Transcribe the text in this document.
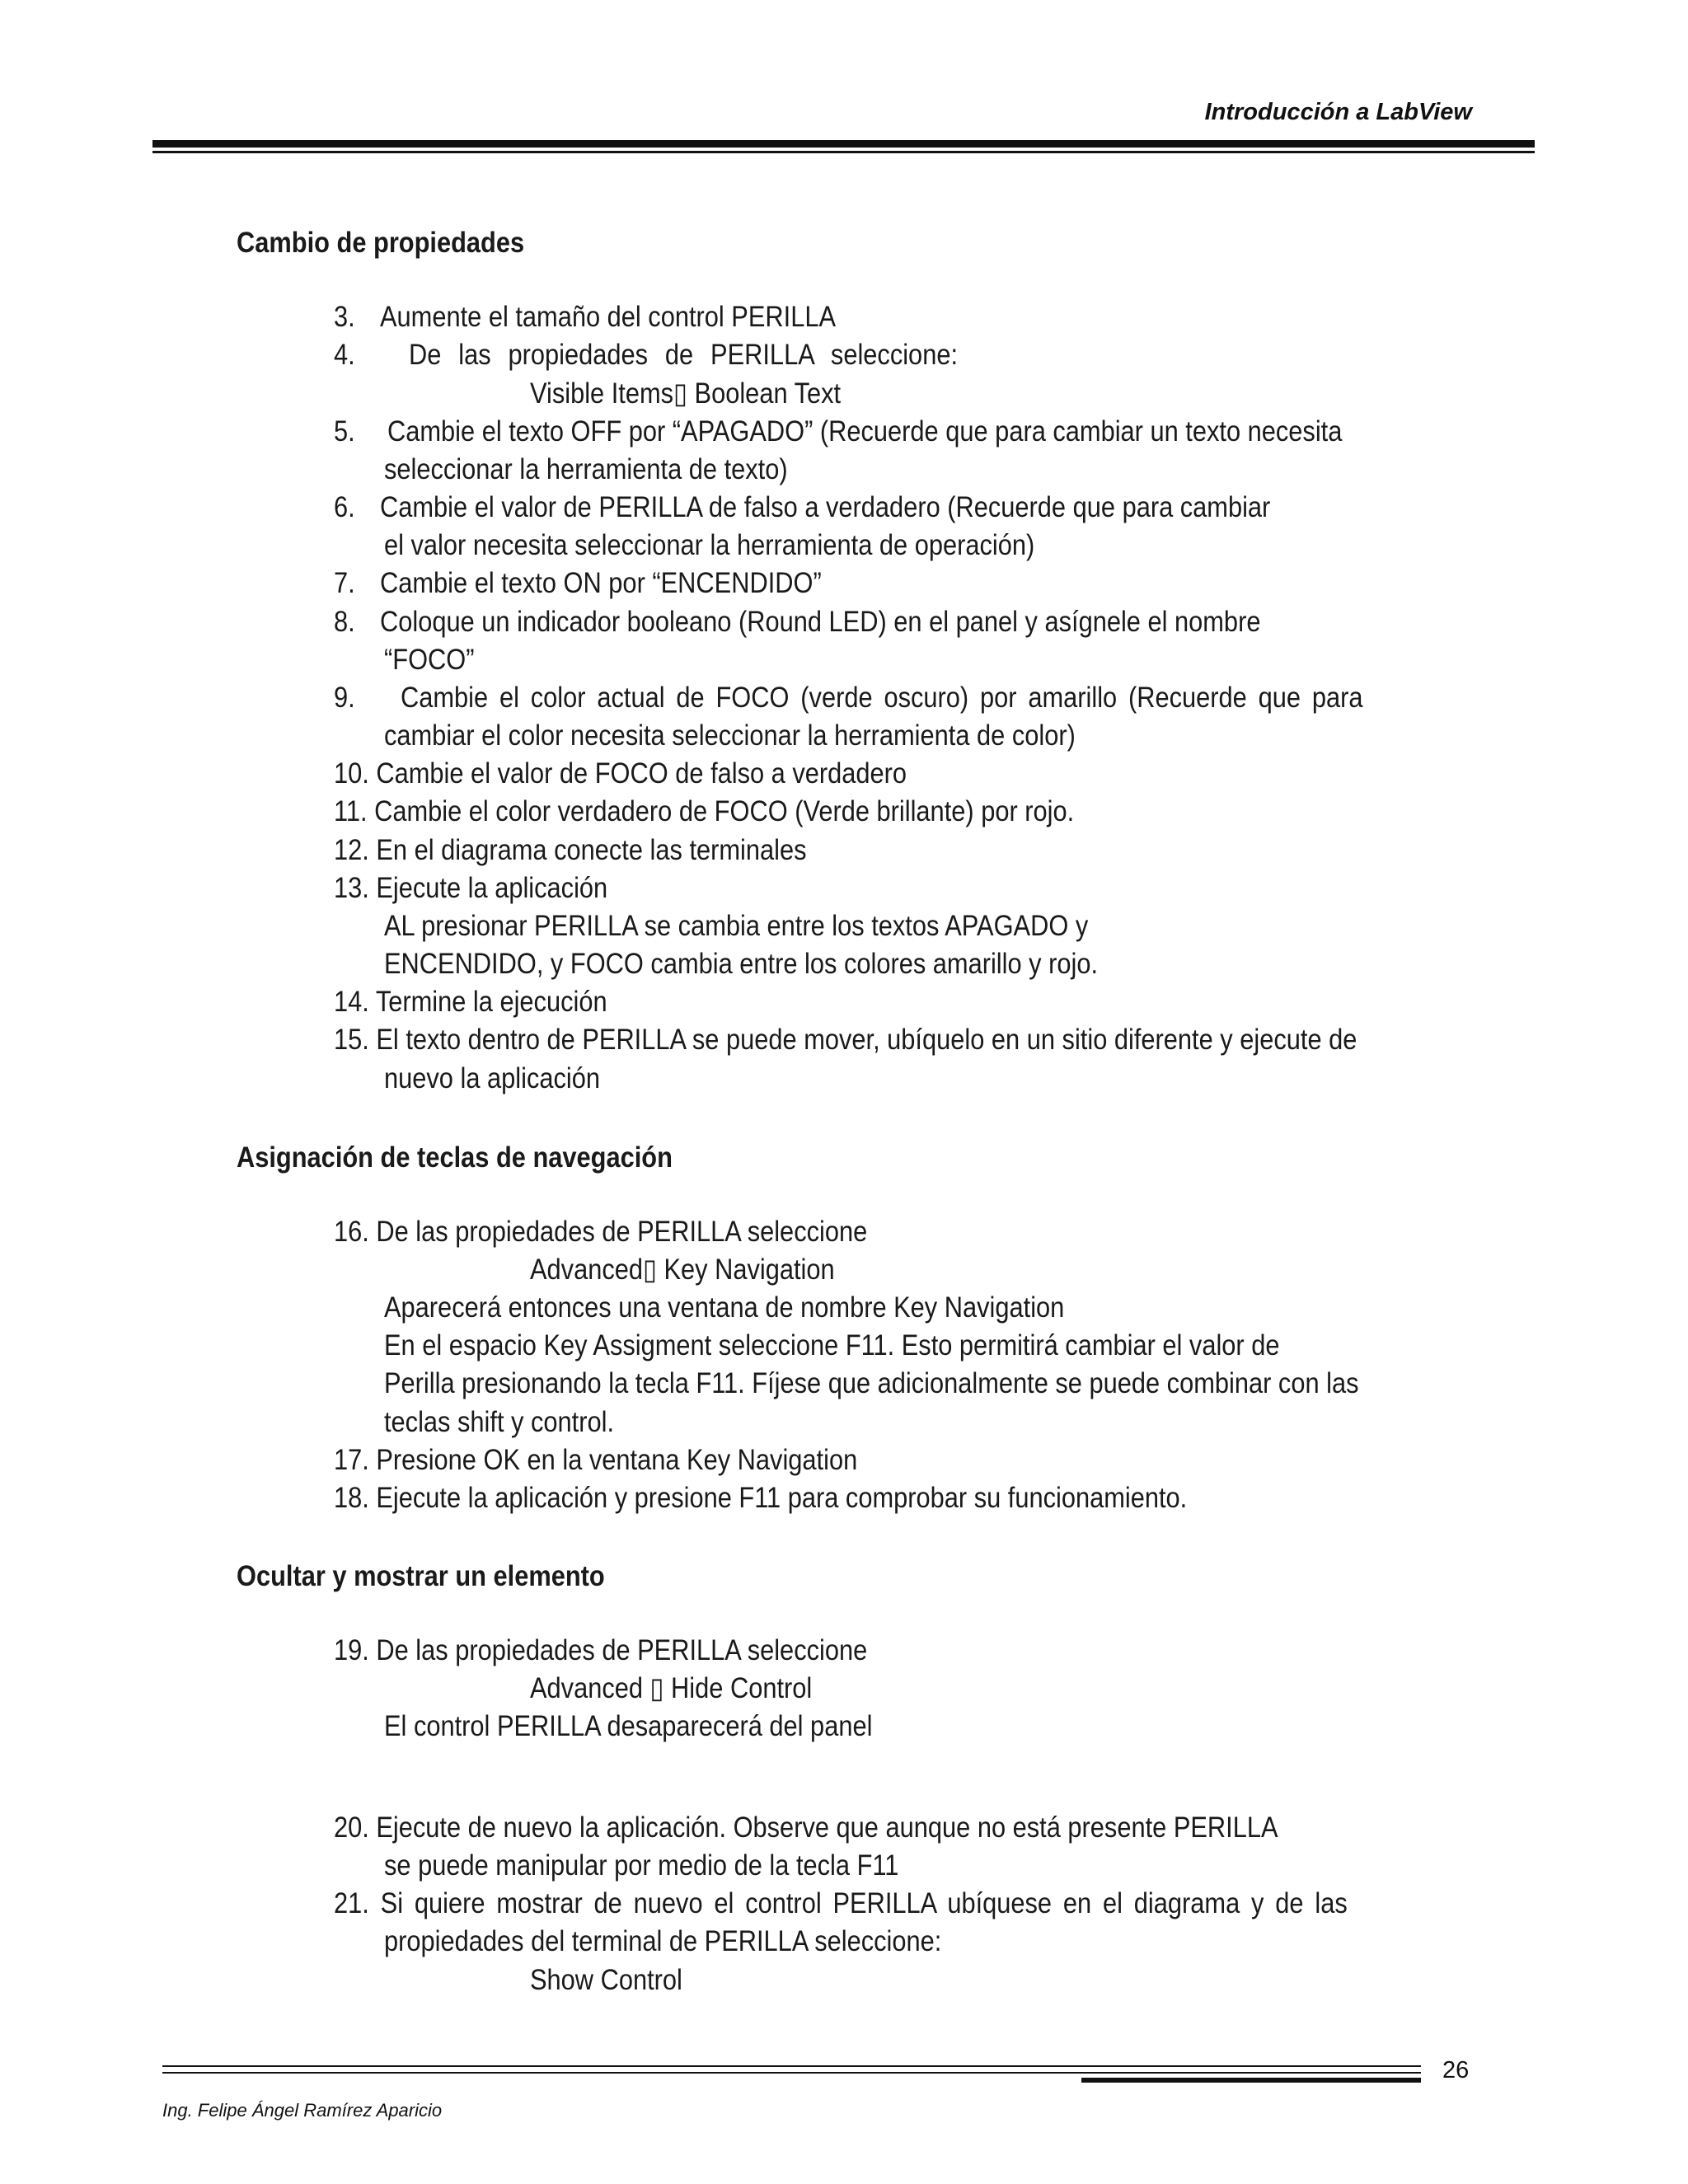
Introducción a LabView
Cambio de propiedades
3. Aumente el tamaño del control PERILLA
4. De las propiedades de PERILLA seleccione:
Visible Items▯ Boolean Text
5. Cambie el texto OFF por “APAGADO” (Recuerde que para cambiar un texto necesita
seleccionar la herramienta de texto)
6. Cambie el valor de PERILLA de falso a verdadero (Recuerde que para cambiar
el valor necesita seleccionar la herramienta de operación)
7. Cambie el texto ON por “ENCENDIDO”
8. Coloque un indicador booleano (Round LED) en el panel y asígnele el nombre
“FOCO”
9. Cambie el color actual de FOCO (verde oscuro) por amarillo (Recuerde que para
cambiar el color necesita seleccionar la herramienta de color)
10. Cambie el valor de FOCO de falso a verdadero
11. Cambie el color verdadero de FOCO (Verde brillante) por rojo.
12. En el diagrama conecte las terminales
13. Ejecute la aplicación
AL presionar PERILLA se cambia entre los textos APAGADO y
ENCENDIDO, y FOCO cambia entre los colores amarillo y rojo.
14. Termine la ejecución
15. El texto dentro de PERILLA se puede mover, ubíquelo en un sitio diferente y ejecute de
nuevo la aplicación
Asignación de teclas de navegación
16. De las propiedades de PERILLA seleccione
Advanced▯ Key Navigation
Aparecerá entonces una ventana de nombre Key Navigation
En el espacio Key Assigment seleccione F11. Esto permitirá cambiar el valor de
Perilla presionando la tecla F11. Fíjese que adicionalmente se puede combinar con las
teclas shift y control.
17. Presione OK en la ventana Key Navigation
18. Ejecute la aplicación y presione F11 para comprobar su funcionamiento.
Ocultar y mostrar un elemento
19. De las propiedades de PERILLA seleccione
Advanced ▯ Hide Control
El control PERILLA desaparecerá del panel
20. Ejecute de nuevo la aplicación. Observe que aunque no está presente PERILLA
se puede manipular por medio de la tecla F11
21. Si quiere mostrar de nuevo el control PERILLA ubíquese en el diagrama y de las
propiedades del terminal de PERILLA seleccione:
Show Control
26
Ing. Felipe Ángel Ramírez Aparicio
